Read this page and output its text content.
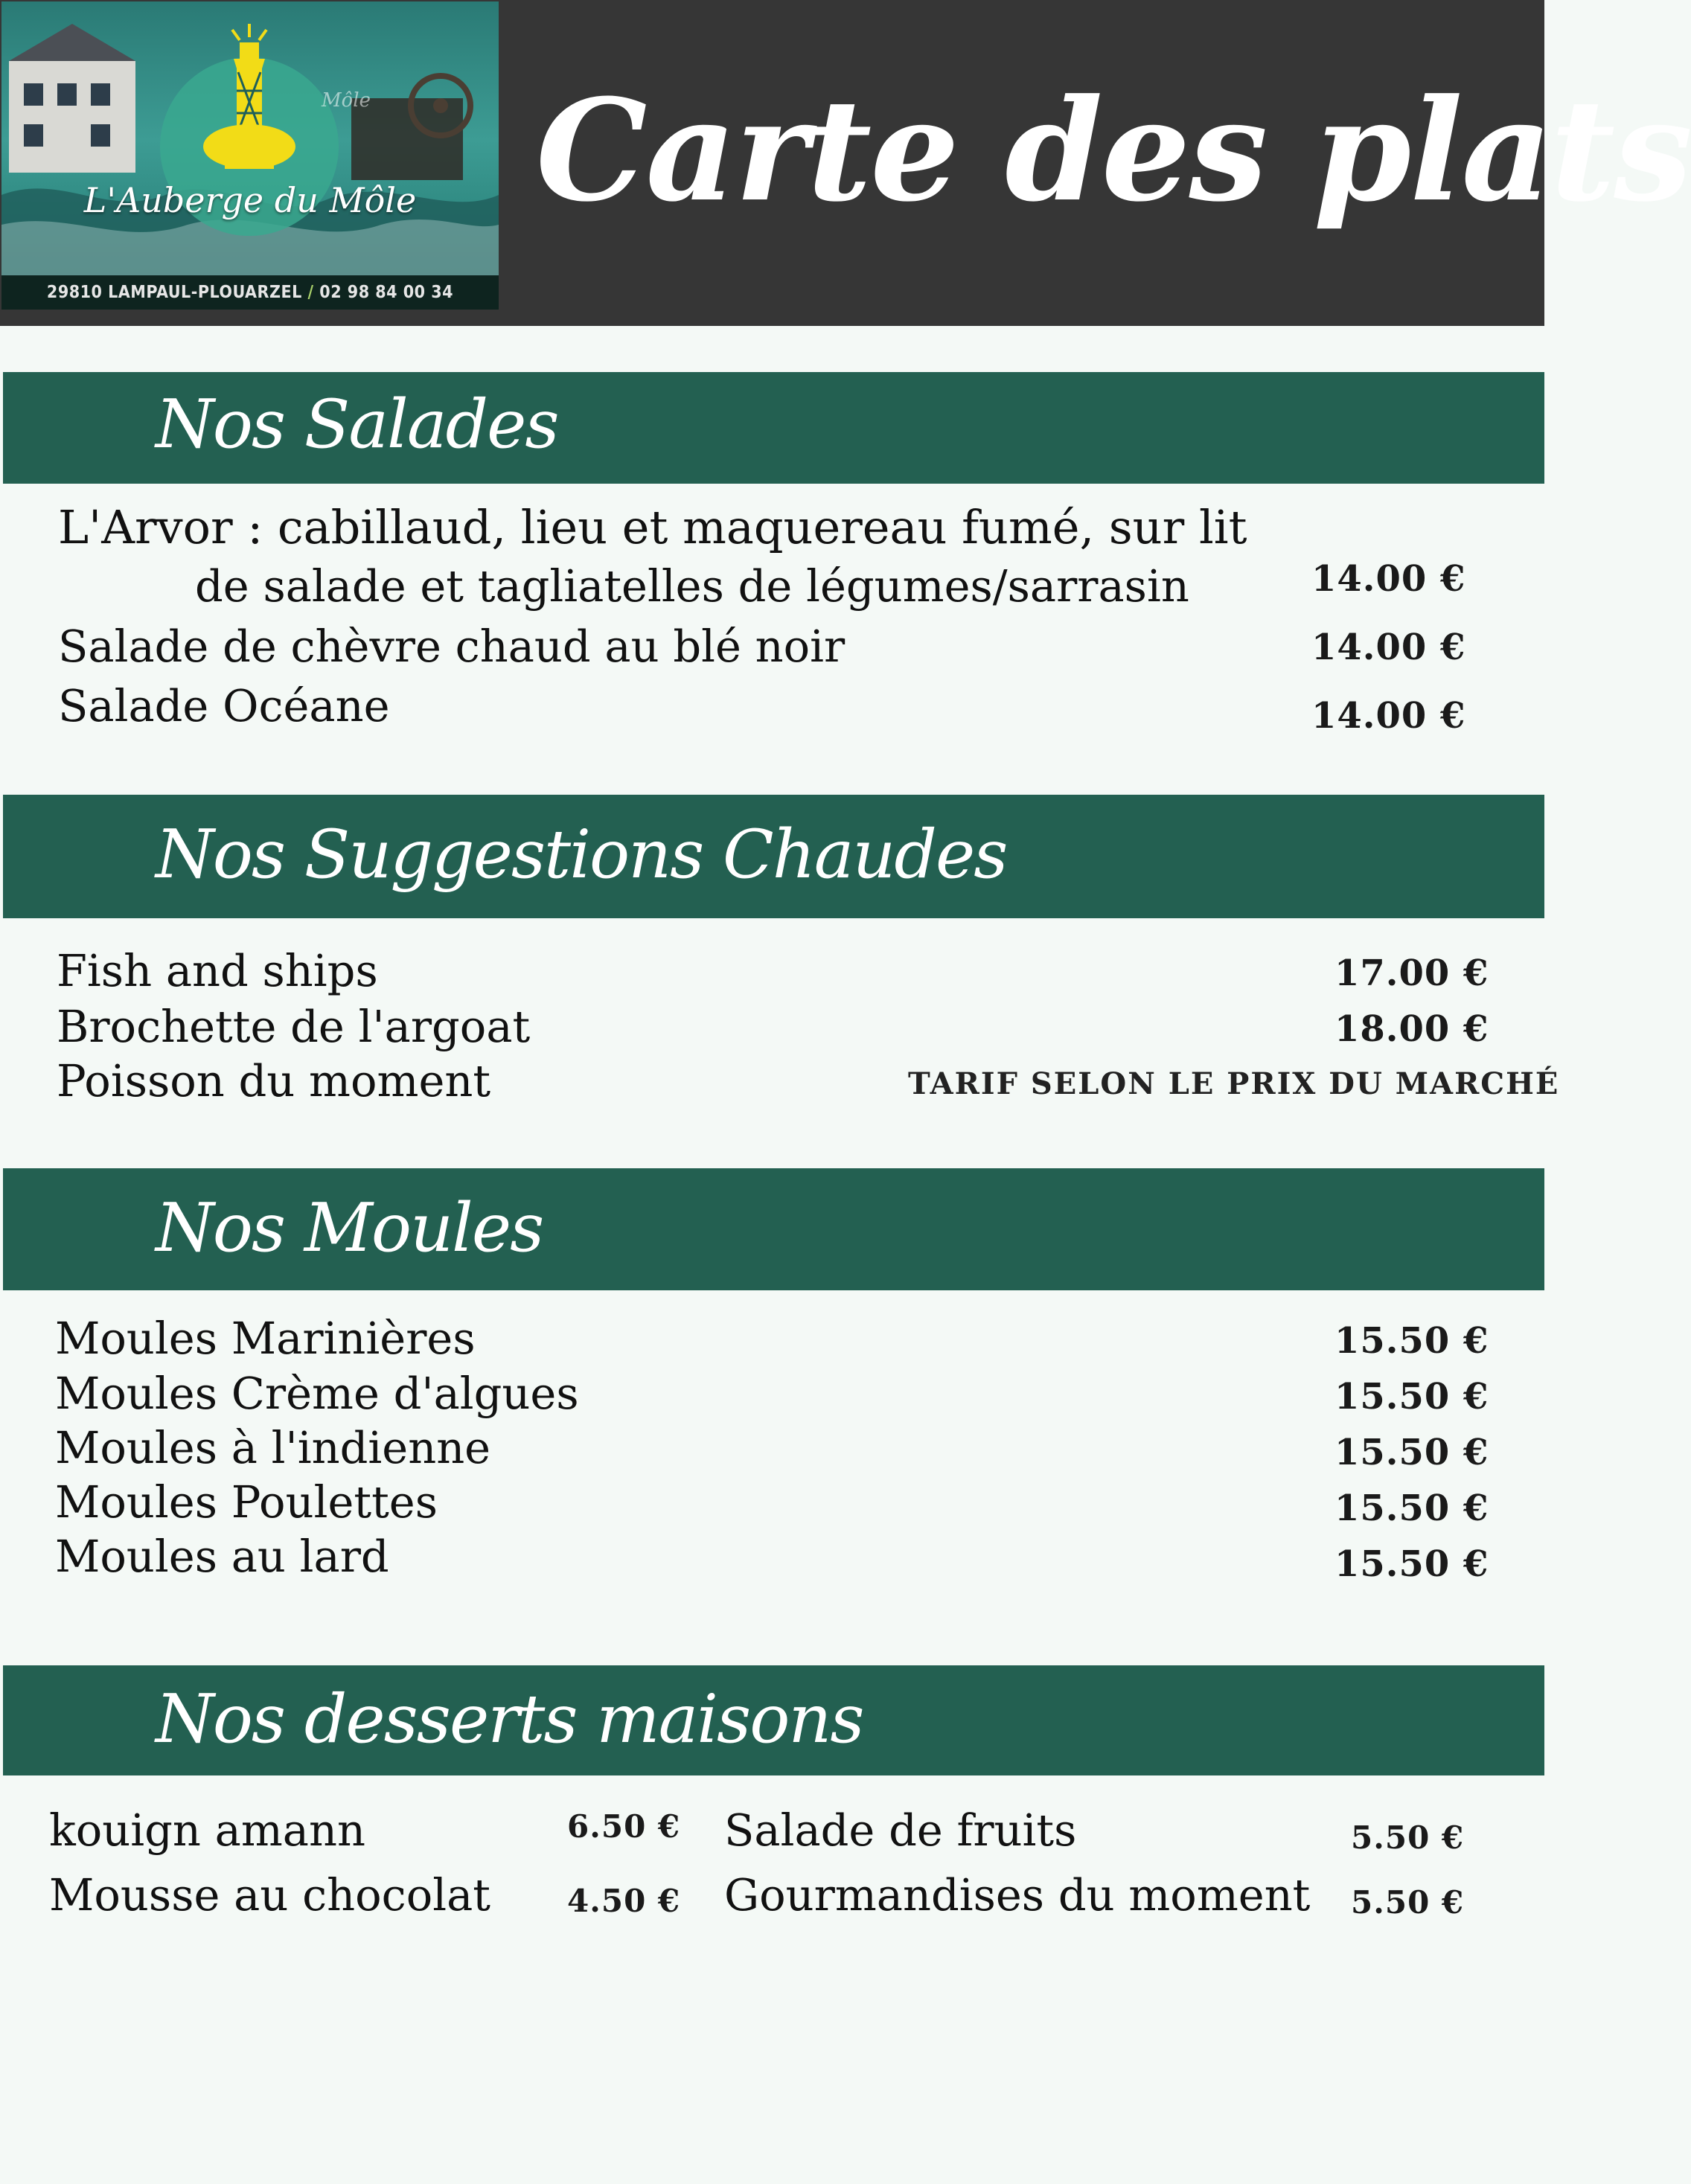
Môle
L'Auberge du Môle
29810 LAMPAUL-PLOUARZEL / 02 98 84 00 34
Carte des plats
Nos Salades
L'Arvor : cabillaud, lieu et maquereau fumé, sur lit
de salade et tagliatelles de légumes/sarrasin	14.00 €
Salade de chèvre chaud au blé noir	14.00 €
Salade Océane	14.00 €
Nos Suggestions Chaudes
Fish and ships	17.00 €
Brochette de l'argoat	18.00 €
Poisson du moment	TARIF SELON LE PRIX DU MARCHÉ
Nos Moules
Moules Marinières	15.50 €
Moules Crème d'algues	15.50 €
Moules à l'indienne	15.50 €
Moules Poulettes	15.50 €
Moules au lard	15.50 €
Nos desserts maisons
kouign amann	6.50 €
Mousse au chocolat 4.50 €
Salade de fruits	5.50 €
Gourmandises du moment 5.50 €
